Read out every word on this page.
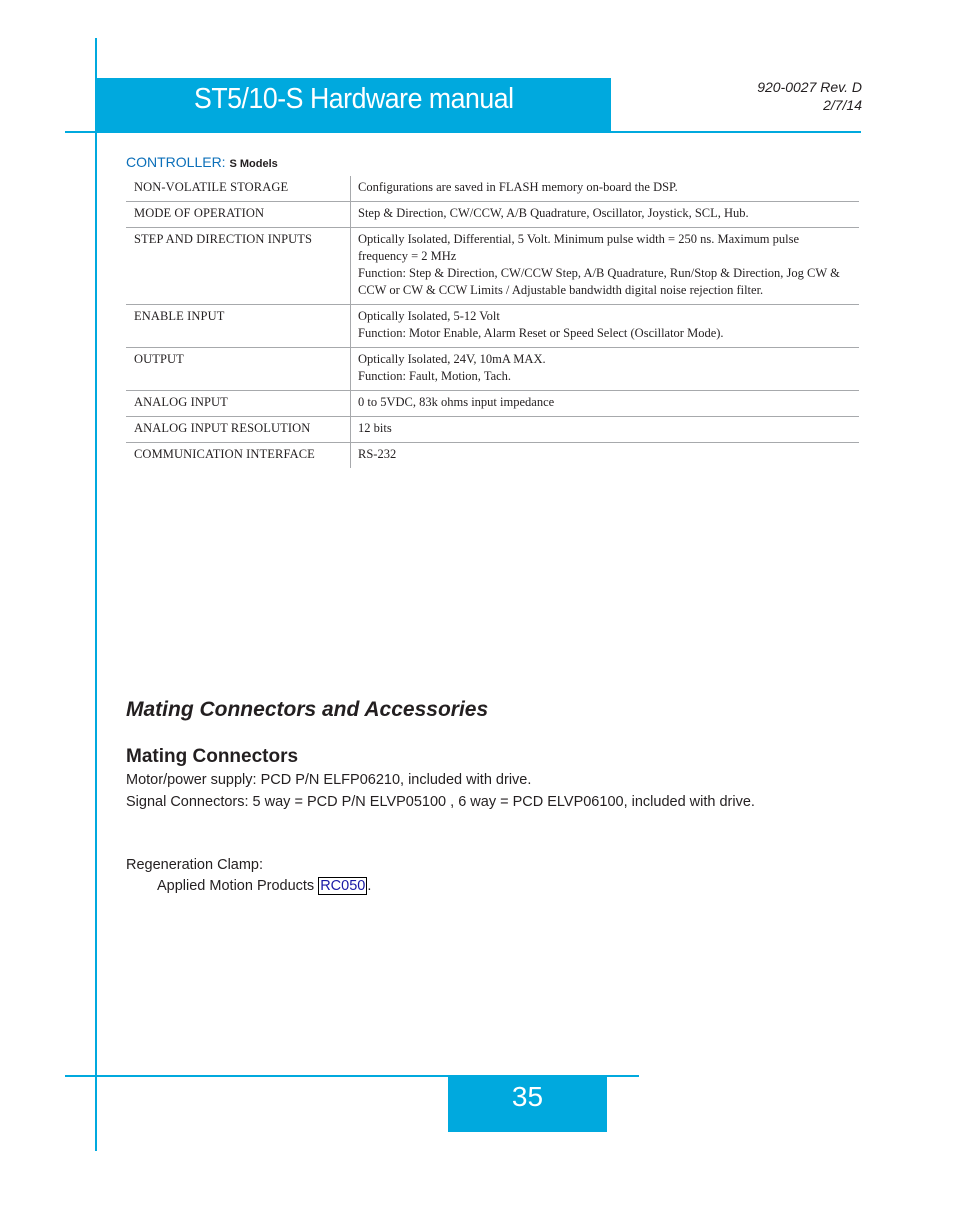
ST5/10-S Hardware manual	920-0027 Rev. D
2/7/14
CONTROLLER: S Models
NON-VOLATILE STORAGE	Configurations are saved in FLASH memory on-board the DSP.

MODE OF OPERATION	Step & Direction, CW/CCW, A/B Quadrature, Oscillator, Joystick, SCL, Hub.

STEP AND DIRECTION INPUTS	Optically Isolated, Differential, 5 Volt. Minimum pulse width = 250 ns. Maximum pulse frequency = 2 MHz
Function: Step & Direction, CW/CCW Step, A/B Quadrature, Run/Stop & Direction, Jog CW & CCW or CW & CCW Limits / Adjustable bandwidth digital noise rejection filter.

ENABLE INPUT	Optically Isolated, 5-12 Volt
Function: Motor Enable, Alarm Reset or Speed Select (Oscillator Mode).

OUTPUT	Optically Isolated, 24V, 10mA MAX.
Function: Fault, Motion, Tach.

ANALOG INPUT	0 to 5VDC, 83k ohms input impedance

ANALOG INPUT RESOLUTION	12 bits

COMMUNICATION INTERFACE	RS-232
Mating Connectors and Accessories
Mating Connectors
Motor/power supply: PCD P/N ELFP06210, included with drive.
Signal Connectors: 5 way = PCD P/N ELVP05100 , 6 way = PCD ELVP06100, included with drive.
Regeneration Clamp:
Applied Motion Products RC050 .
35
